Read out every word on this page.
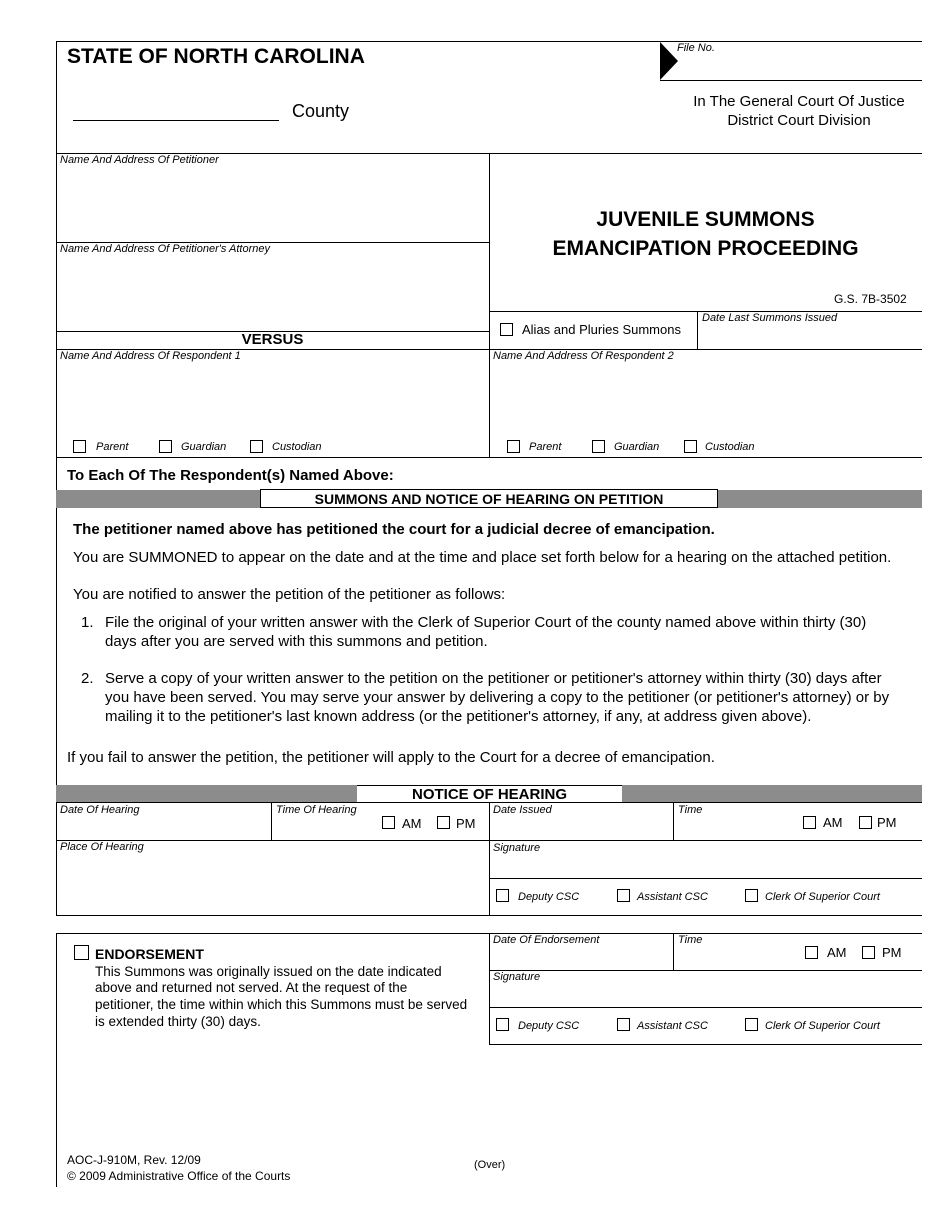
STATE OF NORTH CAROLINA
County
File No.
In The General Court Of Justice
District Court Division
Name And Address Of Petitioner
Name And Address Of Petitioner's Attorney
VERSUS
JUVENILE SUMMONS
EMANCIPATION PROCEEDING
G.S. 7B-3502
Alias and Pluries Summons
Date Last Summons Issued
Name And Address Of Respondent 1	Name And Address Of Respondent 2
Parent	Guardian	Custodian	Parent	Guardian	Custodian
To Each Of The Respondent(s) Named Above:
SUMMONS AND NOTICE OF HEARING ON PETITION
The petitioner named above has petitioned the court for a judicial decree of emancipation.
You are SUMMONED to appear on the date and at the time and place set forth below for a hearing on the attached petition.
You are notified to answer the petition of the petitioner as follows:
1. File the original of your written answer with the Clerk of Superior Court of the county named above within thirty (30)
days after you are served with this summons and petition.
2. Serve a copy of your written answer to the petition on the petitioner or petitioner's attorney within thirty (30) days after
you have been served. You may serve your answer by delivering a copy to the petitioner (or petitioner's attorney) or by
mailing it to the petitioner's last known address (or the petitioner's attorney, if any, at address given above).
If you fail to answer the petition, the petitioner will apply to the Court for a decree of emancipation.
NOTICE OF HEARING
Date Of Hearing	Time Of Hearing
AM	PM
Date Issued	Time
AM	PM
Place Of Hearing	Signature
Deputy CSC	Assistant CSC	Clerk Of Superior Court
ENDORSEMENT
This Summons was originally issued on the date indicated
above and returned not served. At the request of the
petitioner, the time within which this Summons must be served
is extended thirty (30) days.
Date Of Endorsement	Time
AM	PM
Signature
Deputy CSC	Assistant CSC	Clerk Of Superior Court
AOC-J-910M, Rev. 12/09
© 2009 Administrative Office of the Courts
(Over)
